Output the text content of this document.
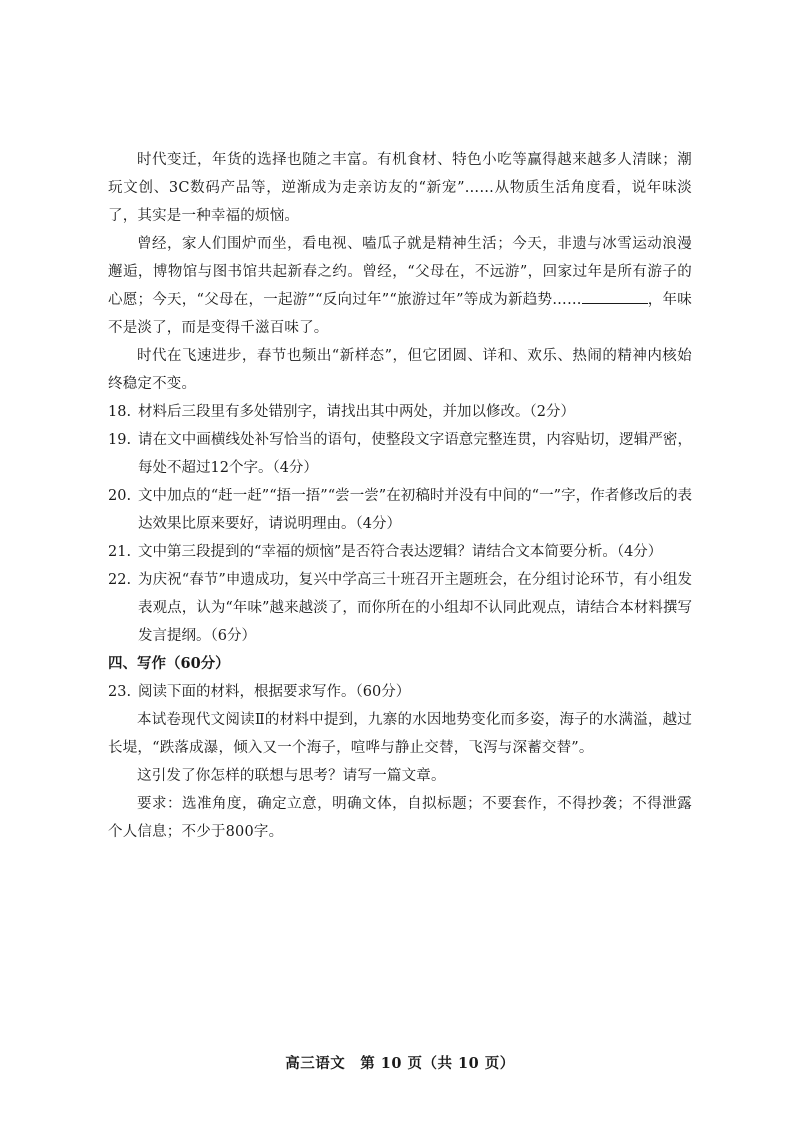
时代变迁，年货的选择也随之丰富。有机食材、特色小吃等赢得越来越多人清睐；潮玩文创、3C数码产品等，逆渐成为走亲访友的“新宠”……从物质生活角度看，说年味淡了，其实是一种幸福的烦恼。

曾经，家人们围炉而坐，看电视、嗑瓜子就是精神生活；今天，非遗与冰雪运动浪漫邂逅，博物馆与图书馆共起新春之约。曾经，“父母在，不远游”，回家过年是所有游子的心愿；今天，“父母在，一起游”“反向过年”“旅游过年”等成为新趋势……	，年味不是淡了，而是变得千滋百味了。

时代在飞速进步，春节也频出“新样态”，但它团圆、详和、欢乐、热闹的精神内核始终稳定不变。

18. 材料后三段里有多处错别字，请找出其中两处，并加以修改。（2分）
19. 请在文中画横线处补写恰当的语句，使整段文字语意完整连贯，内容贴切，逻辑严密，每处不超过12个字。（4分）
20. 文中加点的“赶一赶”“捂一捂”“尝一尝”在初稿时并没有中间的“一”字，作者修改后的表达效果比原来要好，请说明理由。（4分）
21. 文中第三段提到的“幸福的烦恼”是否符合表达逻辑？请结合文本简要分析。（4分）
22. 为庆祝“春节”申遗成功，复兴中学高三十班召开主题班会，在分组讨论环节，有小组发表观点，认为“年味”越来越淡了，而你所在的小组却不认同此观点，请结合本材料撰写发言提纲。（6分）

四、写作（60分）

23. 阅读下面的材料，根据要求写作。（60分）

本试卷现代文阅读Ⅱ的材料中提到，九寨的水因地势变化而多姿，海子的水满溢，越过长堤，“跌落成瀑，倾入又一个海子，喧哗与静止交替，飞泻与深蓄交替”。

这引发了你怎样的联想与思考？请写一篇文章。

要求：选准角度，确定立意，明确文体，自拟标题；不要套作，不得抄袭；不得泄露个人信息；不少于800字。

高三语文　第 10 页（共 10 页）
